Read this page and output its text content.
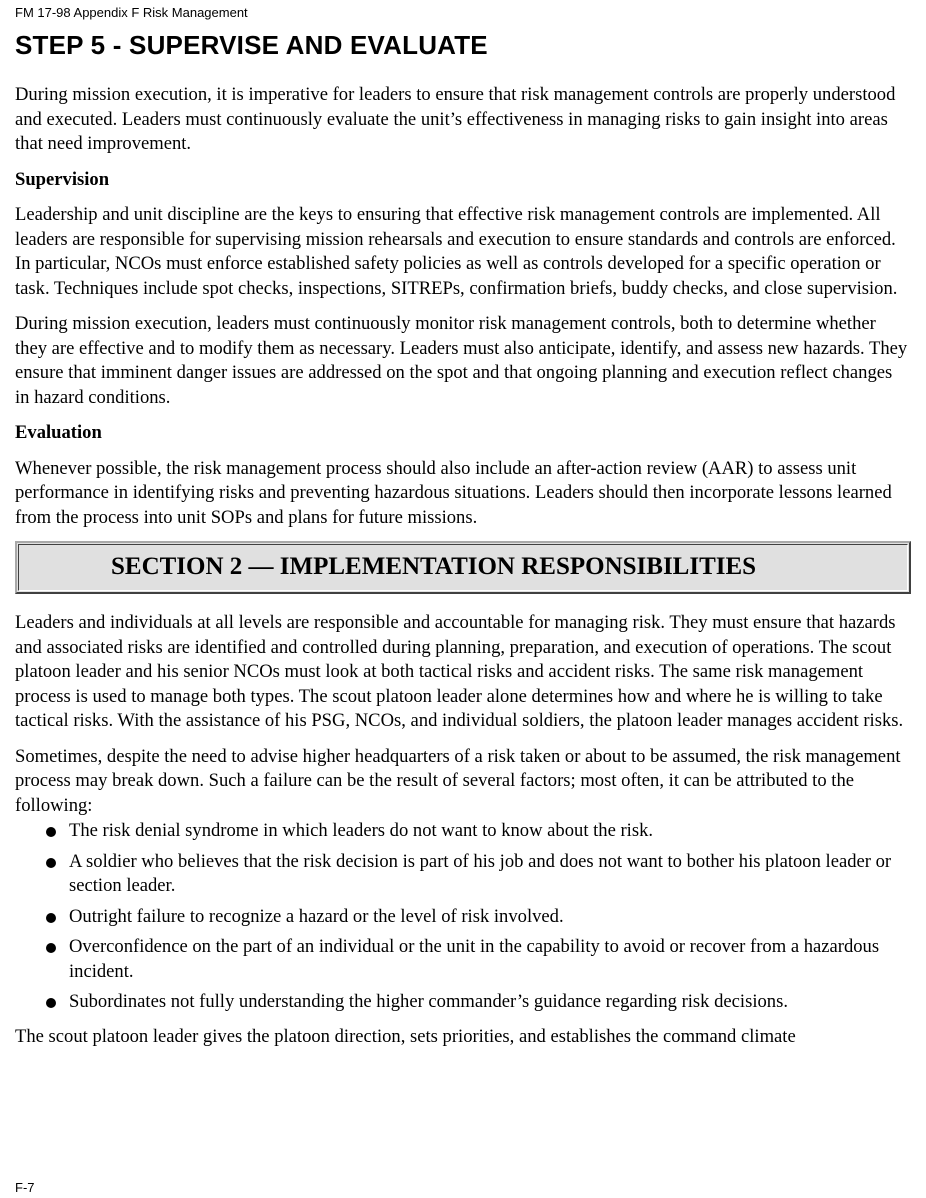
FM 17-98 Appendix F Risk Management
STEP 5 - SUPERVISE AND EVALUATE

During mission execution, it is imperative for leaders to ensure that risk management controls are properly understood and executed. Leaders must continuously evaluate the unit’s effectiveness in managing risks to gain insight into areas that need improvement.

Supervision

Leadership and unit discipline are the keys to ensuring that effective risk management controls are implemented. All leaders are responsible for supervising mission rehearsals and execution to ensure standards and controls are enforced. In particular, NCOs must enforce established safety policies as well as controls developed for a specific operation or task. Techniques include spot checks, inspections, SITREPs, confirmation briefs, buddy checks, and close supervision.

During mission execution, leaders must continuously monitor risk management controls, both to determine whether they are effective and to modify them as necessary. Leaders must also anticipate, identify, and assess new hazards. They ensure that imminent danger issues are addressed on the spot and that ongoing planning and execution reflect changes in hazard conditions.

Evaluation

Whenever possible, the risk management process should also include an after-action review (AAR) to assess unit performance in identifying risks and preventing hazardous situations. Leaders should then incorporate lessons learned from the process into unit SOPs and plans for future missions.

SECTION 2 — IMPLEMENTATION RESPONSIBILITIES

Leaders and individuals at all levels are responsible and accountable for managing risk. They must ensure that hazards and associated risks are identified and controlled during planning, preparation, and execution of operations. The scout platoon leader and his senior NCOs must look at both tactical risks and accident risks. The same risk management process is used to manage both types. The scout platoon leader alone determines how and where he is willing to take tactical risks. With the assistance of his PSG, NCOs, and individual soldiers, the platoon leader manages accident risks.

Sometimes, despite the need to advise higher headquarters of a risk taken or about to be assumed, the risk management process may break down. Such a failure can be the result of several factors; most often, it can be attributed to the following:

The risk denial syndrome in which leaders do not want to know about the risk.
A soldier who believes that the risk decision is part of his job and does not want to bother his platoon leader or section leader.
Outright failure to recognize a hazard or the level of risk involved.
Overconfidence on the part of an individual or the unit in the capability to avoid or recover from a hazardous incident.
Subordinates not fully understanding the higher commander’s guidance regarding risk decisions.

The scout platoon leader gives the platoon direction, sets priorities, and establishes the command climate

F-7
